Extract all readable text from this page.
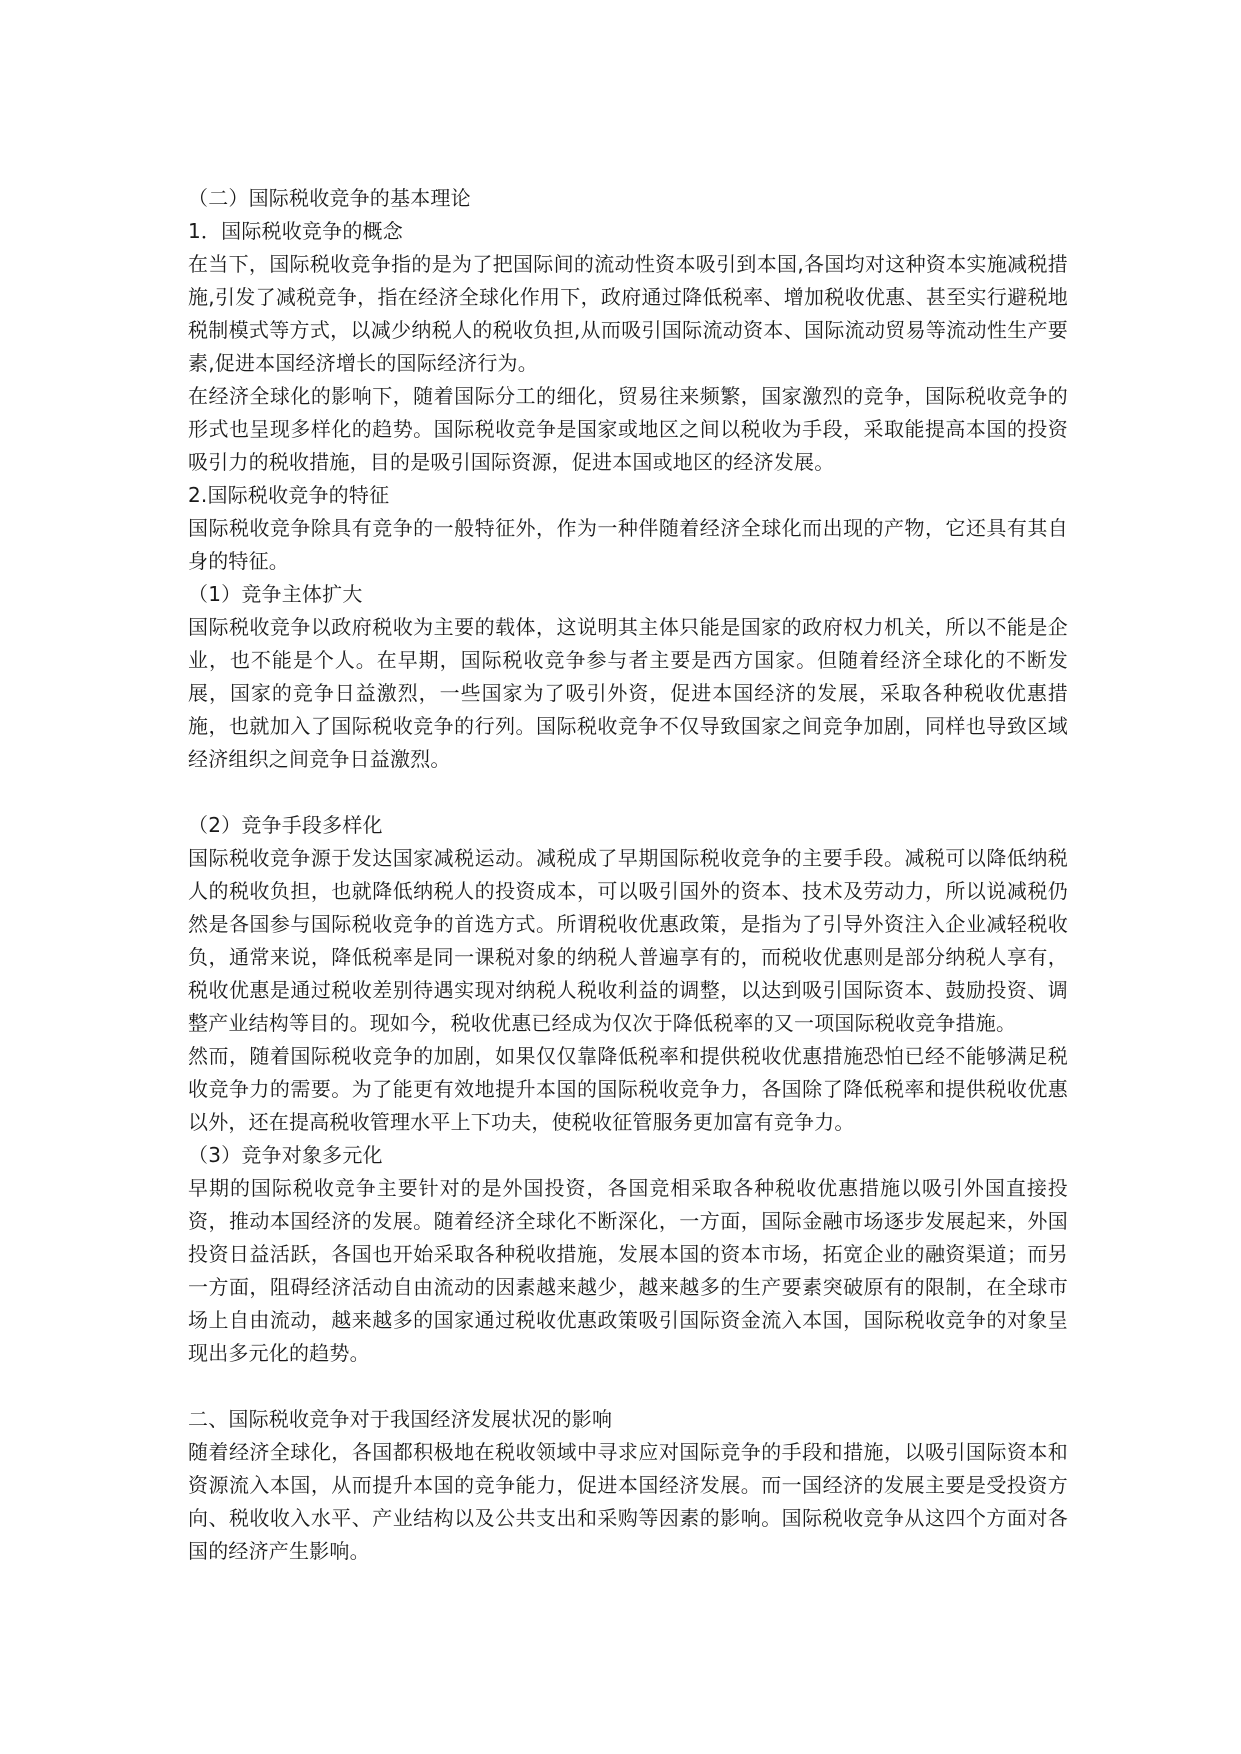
（二）国际税收竞争的基本理论

1．国际税收竞争的概念

在当下，国际税收竞争指的是为了把国际间的流动性资本吸引到本国,各国均对这种资本实施减税措施,引发了减税竞争，指在经济全球化作用下，政府通过降低税率、增加税收优惠、甚至实行避税地税制模式等方式，以减少纳税人的税收负担,从而吸引国际流动资本、国际流动贸易等流动性生产要素,促进本国经济增长的国际经济行为。

在经济全球化的影响下，随着国际分工的细化，贸易往来频繁，国家激烈的竞争，国际税收竞争的形式也呈现多样化的趋势。国际税收竞争是国家或地区之间以税收为手段，采取能提高本国的投资吸引力的税收措施，目的是吸引国际资源，促进本国或地区的经济发展。

2.国际税收竞争的特征

国际税收竞争除具有竞争的一般特征外，作为一种伴随着经济全球化而出现的产物，它还具有其自身的特征。

（1）竞争主体扩大

国际税收竞争以政府税收为主要的载体，这说明其主体只能是国家的政府权力机关，所以不能是企业，也不能是个人。在早期，国际税收竞争参与者主要是西方国家。但随着经济全球化的不断发展，国家的竞争日益激烈，一些国家为了吸引外资，促进本国经济的发展，采取各种税收优惠措施，也就加入了国际税收竞争的行列。国际税收竞争不仅导致国家之间竞争加剧，同样也导致区域经济组织之间竞争日益激烈。

（2）竞争手段多样化

国际税收竞争源于发达国家减税运动。减税成了早期国际税收竞争的主要手段。减税可以降低纳税人的税收负担，也就降低纳税人的投资成本，可以吸引国外的资本、技术及劳动力，所以说减税仍然是各国参与国际税收竞争的首选方式。所谓税收优惠政策，是指为了引导外资注入企业减轻税收负，通常来说，降低税率是同一课税对象的纳税人普遍享有的，而税收优惠则是部分纳税人享有，税收优惠是通过税收差别待遇实现对纳税人税收利益的调整，以达到吸引国际资本、鼓励投资、调整产业结构等目的。现如今，税收优惠已经成为仅次于降低税率的又一项国际税收竞争措施。

然而，随着国际税收竞争的加剧，如果仅仅靠降低税率和提供税收优惠措施恐怕已经不能够满足税收竞争力的需要。为了能更有效地提升本国的国际税收竞争力，各国除了降低税率和提供税收优惠以外，还在提高税收管理水平上下功夫，使税收征管服务更加富有竞争力。

（3）竞争对象多元化

早期的国际税收竞争主要针对的是外国投资，各国竞相采取各种税收优惠措施以吸引外国直接投资，推动本国经济的发展。随着经济全球化不断深化，一方面，国际金融市场逐步发展起来，外国投资日益活跃，各国也开始采取各种税收措施，发展本国的资本市场，拓宽企业的融资渠道；而另一方面，阻碍经济活动自由流动的因素越来越少，越来越多的生产要素突破原有的限制，在全球市场上自由流动，越来越多的国家通过税收优惠政策吸引国际资金流入本国，国际税收竞争的对象呈现出多元化的趋势。

二、国际税收竞争对于我国经济发展状况的影响

随着经济全球化，各国都积极地在税收领域中寻求应对国际竞争的手段和措施，以吸引国际资本和资源流入本国，从而提升本国的竞争能力，促进本国经济发展。而一国经济的发展主要是受投资方向、税收收入水平、产业结构以及公共支出和采购等因素的影响。国际税收竞争从这四个方面对各国的经济产生影响。
